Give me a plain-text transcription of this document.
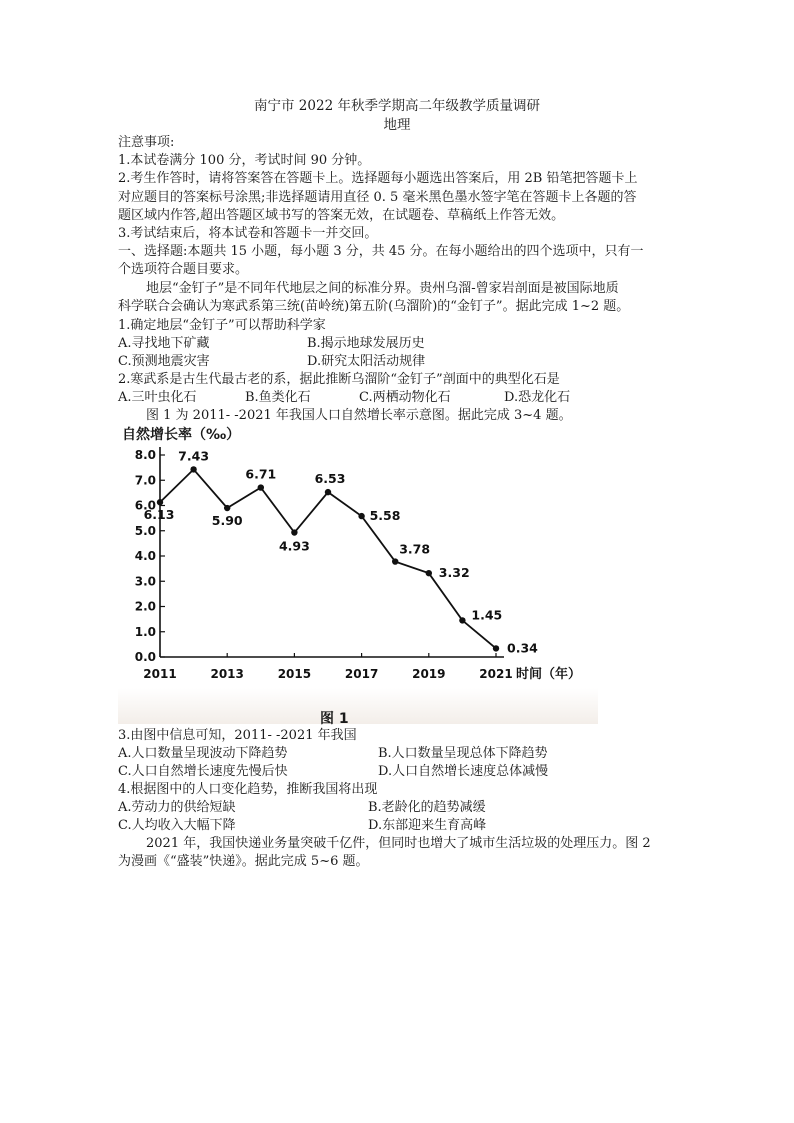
南宁市 2022 年秋季学期高二年级教学质量调研
地理
注意事项:
1.本试卷满分 100 分，考试时间 90 分钟。
2.考生作答时，请将答案答在答题卡上。选择题每小题选出答案后，用 2B 铅笔把答题卡上
对应题目的答案标号涂黑;非选择题请用直径 0. 5 毫米黑色墨水签字笔在答题卡上各题的答
题区域内作答,超出答题区域书写的答案无效，在试题卷、草稿纸上作答无效。
3.考试结束后，将本试卷和答题卡一并交回。
一、选择题:本题共 15 小题，每小题 3 分，共 45 分。在每小题给出的四个选项中，只有一
个选项符合题目要求。
地层“金钉子”是不同年代地层之间的标准分界。贵州乌溜-曾家岩剖面是被国际地质
科学联合会确认为寒武系第三统(苗岭统)第五阶(乌溜阶)的“金钉子”。据此完成 1~2 题。
1.确定地层“金钉子”可以帮助科学家
A.寻找地下矿藏	B.揭示地球发展历史
C.预测地震灾害	D.研究太阳活动规律
2.寒武系是古生代最古老的系，据此推断乌溜阶“金钉子”剖面中的典型化石是
A.三叶虫化石	B.鱼类化石	C.两栖动物化石	D.恐龙化石
图 1 为 2011- -2021 年我国人口自然增长率示意图。据此完成 3~4 题。
自然增长率（‰）
0.0
1.0
2.0
3.0
4.0
5.0
6.0
7.0
8.0
2011	2013	2015	2017	2019	2021 时间（年）
6.13
7.43
5.90
6.71
4.93
6.53
5.58
3.78
3.32
1.45
0.34
图 1
3.由图中信息可知，2011- -2021 年我国
A.人口数量呈现波动下降趋势	B.人口数量呈现总体下降趋势
C.人口自然增长速度先慢后快	D.人口自然增长速度总体减慢
4.根据图中的人口变化趋势，推断我国将出现
A.劳动力的供给短缺	B.老龄化的趋势减缓
C.人均收入大幅下降	D.东部迎来生育高峰
2021 年，我国快递业务量突破千亿件，但同时也增大了城市生活垃圾的处理压力。图 2
为漫画《“盛装”快递》。据此完成 5~6 题。
